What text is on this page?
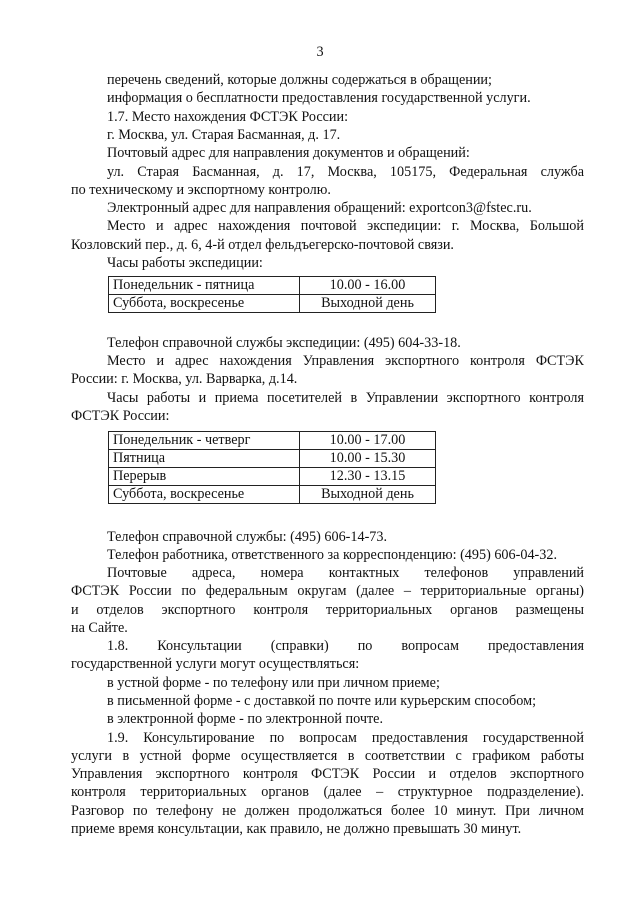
3

перечень сведений, которые должны содержаться в обращении;

информация о бесплатности предоставления государственной услуги.

1.7. Место нахождения ФСТЭК России:

г. Москва, ул. Старая Басманная, д. 17.

Почтовый адрес для направления документов и обращений:

ул. Старая Басманная, д. 17, Москва, 105175, Федеральная служба

по техническому и экспортному контролю.

Электронный адрес для направления обращений: exportcon3@fstec.ru.

Место и адрес нахождения почтовой экспедиции: г. Москва, Большой

Козловский пер., д. 6, 4-й отдел фельдъегерско-почтовой связи.

Часы работы экспедиции:

Понедельник - пятница	10.00 - 16.00
Суббота, воскресенье	Выходной день

Телефон справочной службы экспедиции: (495) 604-33-18.

Место и адрес нахождения Управления экспортного контроля ФСТЭК

России: г. Москва, ул. Варварка, д.14.

Часы работы и приема посетителей в Управлении экспортного контроля

ФСТЭК России:

Понедельник - четверг	10.00 - 17.00
Пятница	10.00 - 15.30
Перерыв	12.30 - 13.15
Суббота, воскресенье	Выходной день

Телефон справочной службы: (495) 606-14-73.

Телефон работника, ответственного за корреспонденцию: (495) 606-04-32.

Почтовые адреса, номера контактных телефонов управлений

ФСТЭК России по федеральным округам (далее – территориальные органы)

и отделов экспортного контроля территориальных органов размещены

на Сайте.

1.8. Консультации (справки) по вопросам предоставления

государственной услуги могут осуществляться:

в устной форме - по телефону или при личном приеме;

в письменной форме - с доставкой по почте или курьерским способом;

в электронной форме - по электронной почте.

1.9. Консультирование по вопросам предоставления государственной

услуги в устной форме осуществляется в соответствии с графиком работы

Управления экспортного контроля ФСТЭК России и отделов экспортного

контроля территориальных органов (далее – структурное подразделение).

Разговор по телефону не должен продолжаться более 10 минут. При личном

приеме время консультации, как правило, не должно превышать 30 минут.
